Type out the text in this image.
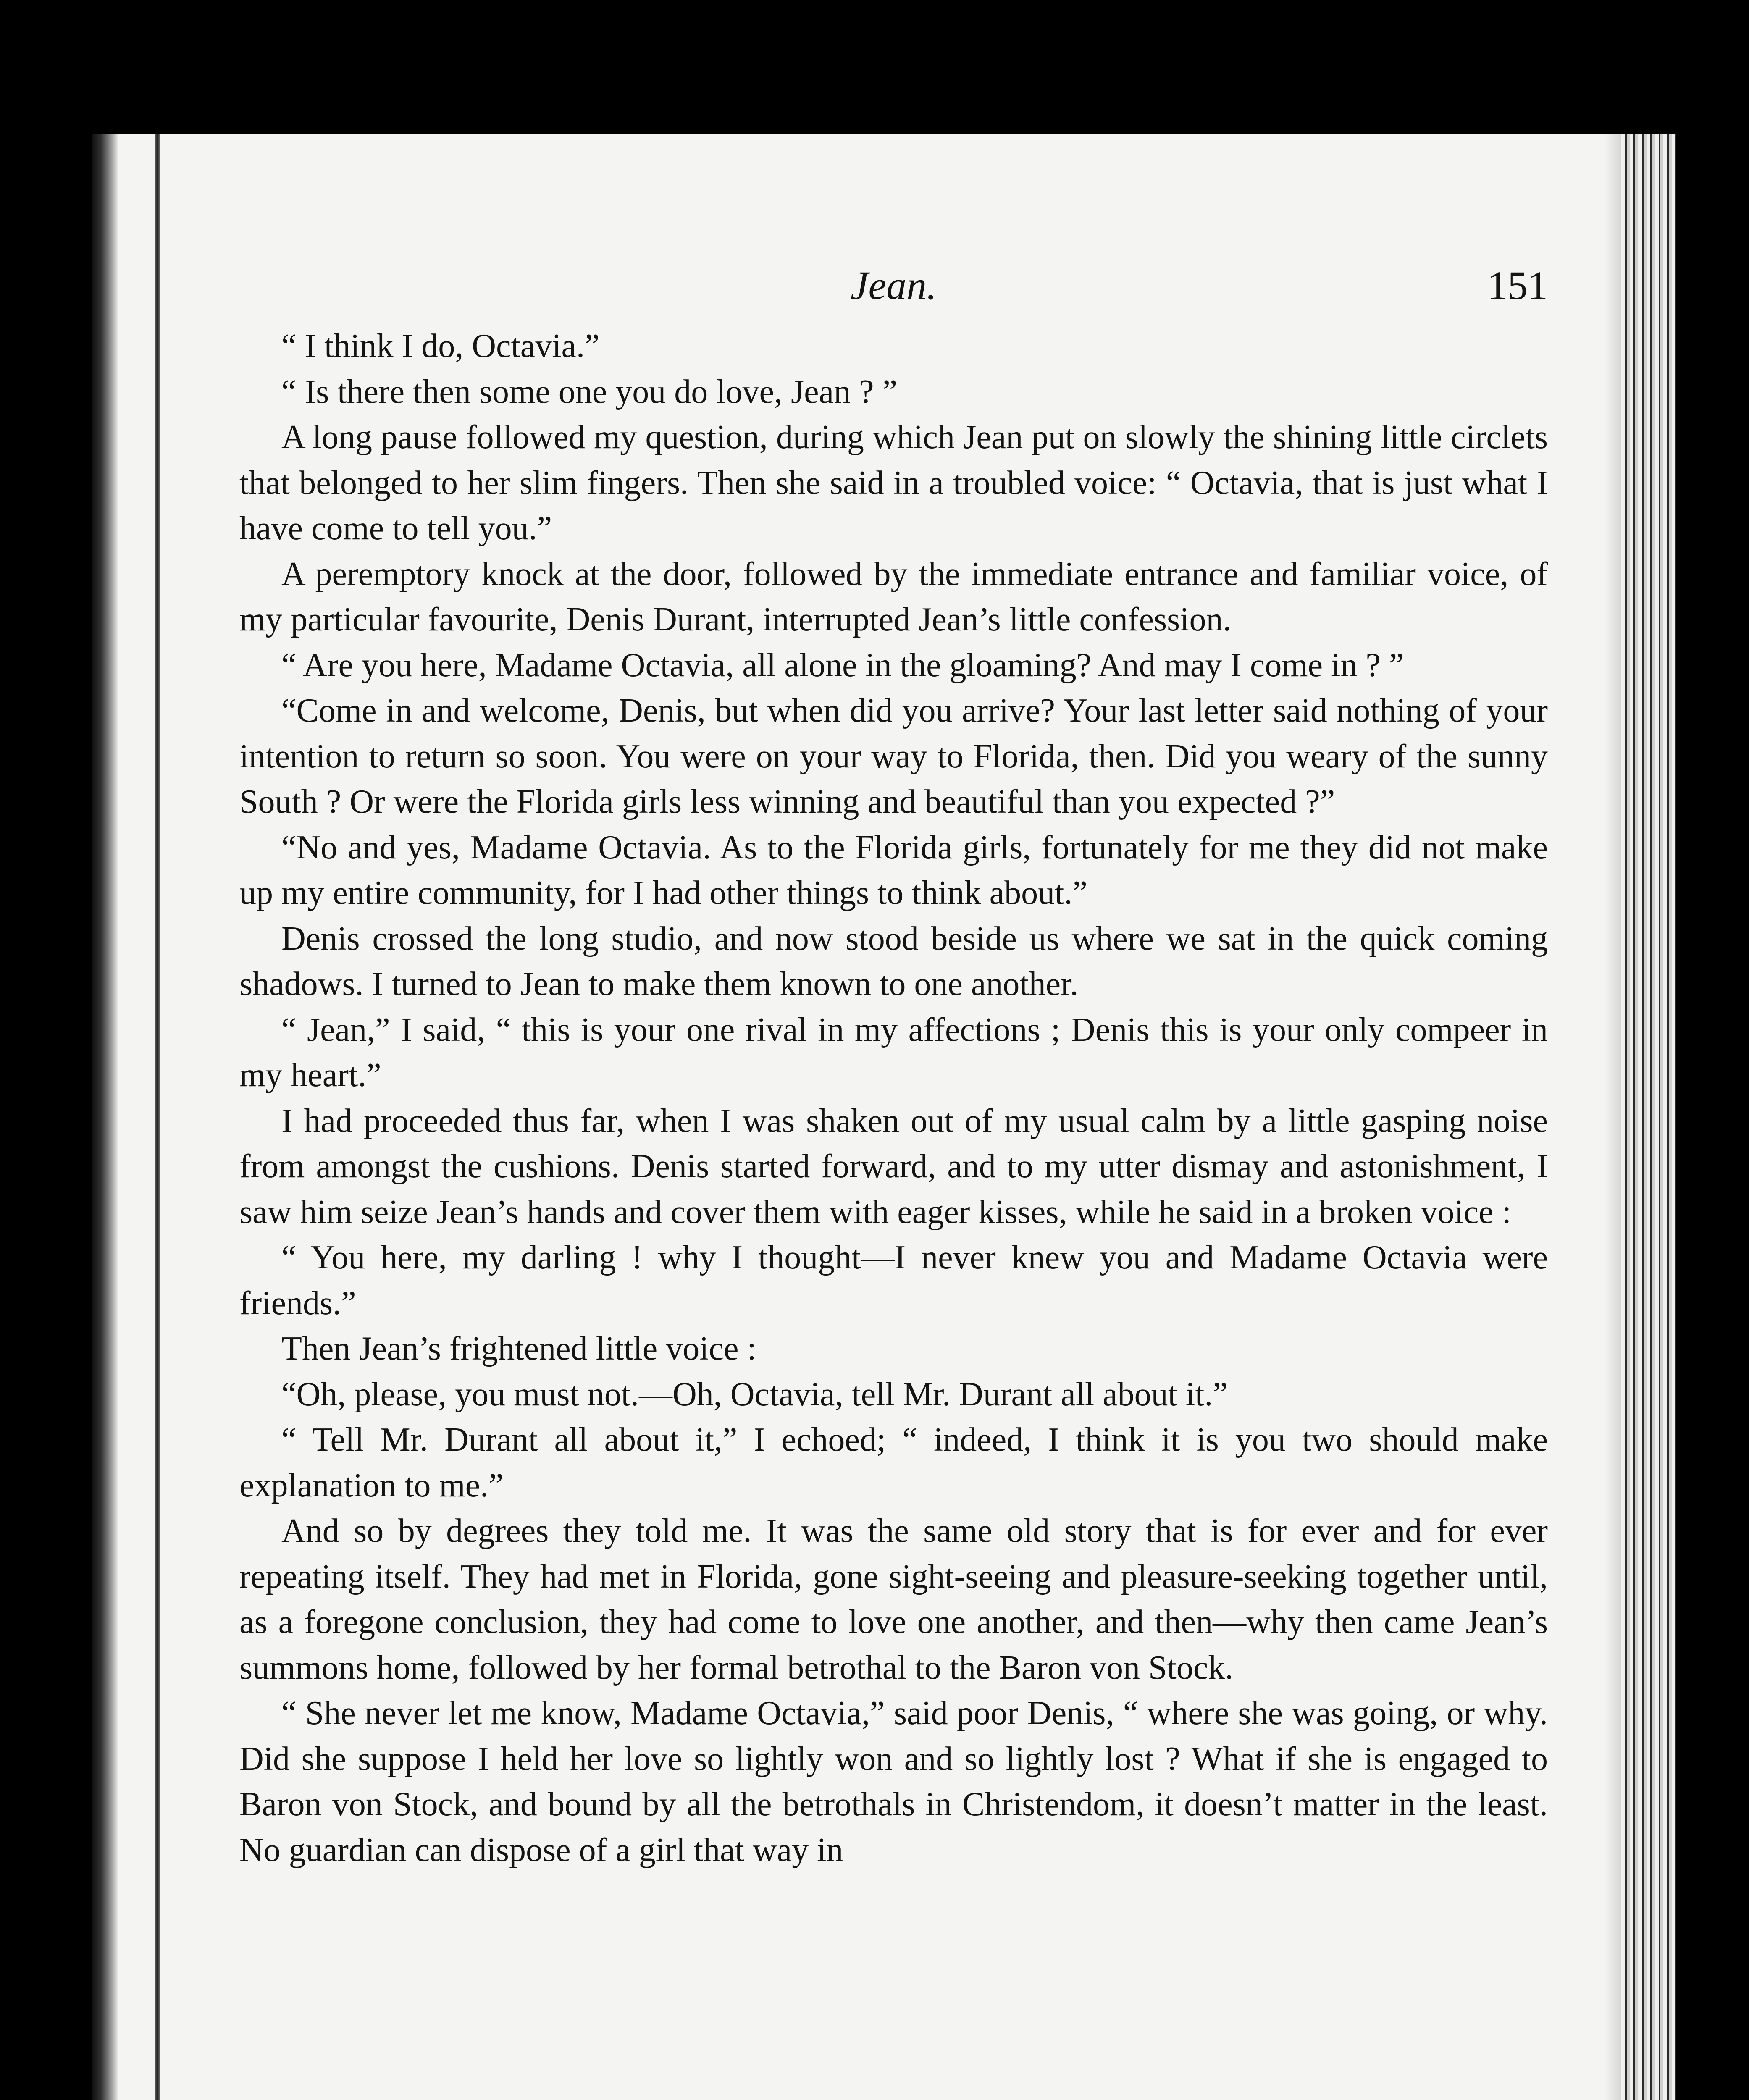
Jean.	151

“ I think I do, Octavia.”

“ Is there then some one you do love, Jean ? ”

A long pause followed my question, during which Jean put on slowly the shining little circlets that belonged to her slim fingers. Then she said in a troubled voice: “ Octavia, that is just what I have come to tell you.”

A peremptory knock at the door, followed by the immediate entrance and familiar voice, of my particular favourite, Denis Durant, interrupted Jean’s little confession.

“ Are you here, Madame Octavia, all alone in the gloaming? And may I come in ? ”

“Come in and welcome, Denis, but when did you arrive? Your last letter said nothing of your intention to return so soon. You were on your way to Florida, then. Did you weary of the sunny South ? Or were the Florida girls less winning and beautiful than you expected ?”

“No and yes, Madame Octavia. As to the Florida girls, fortunately for me they did not make up my entire community, for I had other things to think about.”

Denis crossed the long studio, and now stood beside us where we sat in the quick coming shadows. I turned to Jean to make them known to one another.

“ Jean,” I said, “ this is your one rival in my affections ; Denis this is your only compeer in my heart.”

I had proceeded thus far, when I was shaken out of my usual calm by a little gasping noise from amongst the cushions. Denis started forward, and to my utter dismay and astonishment, I saw him seize Jean’s hands and cover them with eager kisses, while he said in a broken voice :

“ You here, my darling ! why I thought—I never knew you and Madame Octavia were friends.”

Then Jean’s frightened little voice :

“Oh, please, you must not.—Oh, Octavia, tell Mr. Durant all about it.”

“ Tell Mr. Durant all about it,” I echoed; “ indeed, I think it is you two should make explanation to me.”

And so by degrees they told me. It was the same old story that is for ever and for ever repeating itself. They had met in Florida, gone sight-seeing and pleasure-seeking together until, as a foregone conclusion, they had come to love one another, and then—why then came Jean’s summons home, followed by her formal betrothal to the Baron von Stock.

“ She never let me know, Madame Octavia,” said poor Denis, “ where she was going, or why. Did she suppose I held her love so lightly won and so lightly lost ? What if she is engaged to Baron von Stock, and bound by all the betrothals in Christendom, it doesn’t matter in the least. No guardian can dispose of a girl that way in
